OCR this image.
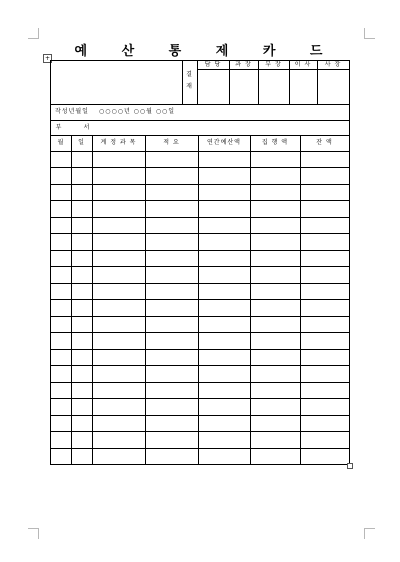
예 산 통 제 카 드
+
결
재
담 당	과 장	부 장	이 사	사 장
작성년월일	○○○○년 ○○월 ○○일
부	서
월	일	계 정 과 목	적 요	연간예산액	집 행 액	잔 액
